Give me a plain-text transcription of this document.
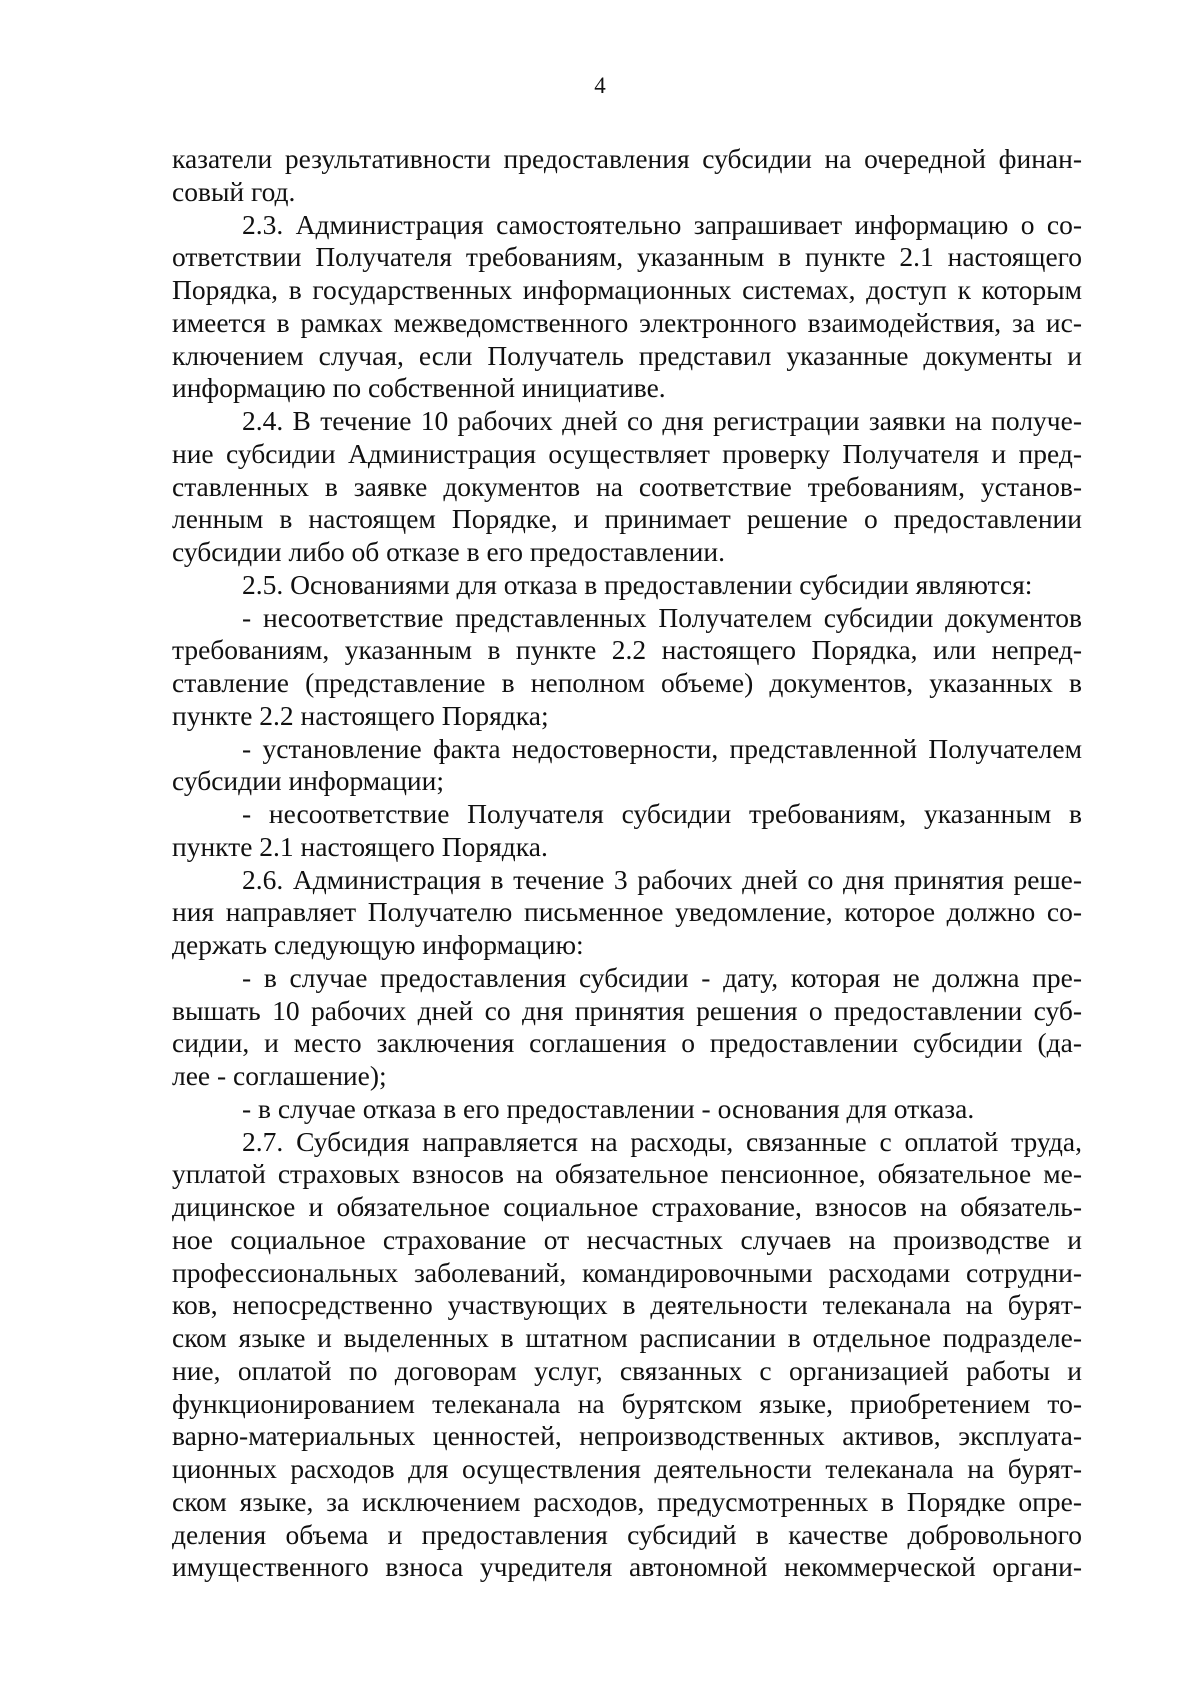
4
казатели результативности предоставления субсидии на очередной финан-
совый год.
2.3. Администрация самостоятельно запрашивает информацию о со-
ответствии Получателя требованиям, указанным в пункте 2.1 настоящего
Порядка, в государственных информационных системах, доступ к которым
имеется в рамках межведомственного электронного взаимодействия, за ис-
ключением случая, если Получатель представил указанные документы и
информацию по собственной инициативе.
2.4. В течение 10 рабочих дней со дня регистрации заявки на получе-
ние субсидии Администрация осуществляет проверку Получателя и пред-
ставленных в заявке документов на соответствие требованиям, установ-
ленным в настоящем Порядке, и принимает решение о предоставлении
субсидии либо об отказе в его предоставлении.
2.5. Основаниями для отказа в предоставлении субсидии являются:
- несоответствие представленных Получателем субсидии документов
требованиям, указанным в пункте 2.2 настоящего Порядка, или непред-
ставление (представление в неполном объеме) документов, указанных в
пункте 2.2 настоящего Порядка;
- установление факта недостоверности, представленной Получателем
субсидии информации;
- несоответствие Получателя субсидии требованиям, указанным в
пункте 2.1 настоящего Порядка.
2.6. Администрация в течение 3 рабочих дней со дня принятия реше-
ния направляет Получателю письменное уведомление, которое должно со-
держать следующую информацию:
- в случае предоставления субсидии - дату, которая не должна пре-
вышать 10 рабочих дней со дня принятия решения о предоставлении суб-
сидии, и место заключения соглашения о предоставлении субсидии (да-
лее - соглашение);
- в случае отказа в его предоставлении - основания для отказа.
2.7. Субсидия направляется на расходы, связанные с оплатой труда,
уплатой страховых взносов на обязательное пенсионное, обязательное ме-
дицинское и обязательное социальное страхование, взносов на обязатель-
ное социальное страхование от несчастных случаев на производстве и
профессиональных заболеваний, командировочными расходами сотрудни-
ков, непосредственно участвующих в деятельности телеканала на бурят-
ском языке и выделенных в штатном расписании в отдельное подразделе-
ние, оплатой по договорам услуг, связанных с организацией работы и
функционированием телеканала на бурятском языке, приобретением то-
варно-материальных ценностей, непроизводственных активов, эксплуата-
ционных расходов для осуществления деятельности телеканала на бурят-
ском языке, за исключением расходов, предусмотренных в Порядке опре-
деления объема и предоставления субсидий в качестве добровольного
имущественного взноса учредителя автономной некоммерческой органи-
